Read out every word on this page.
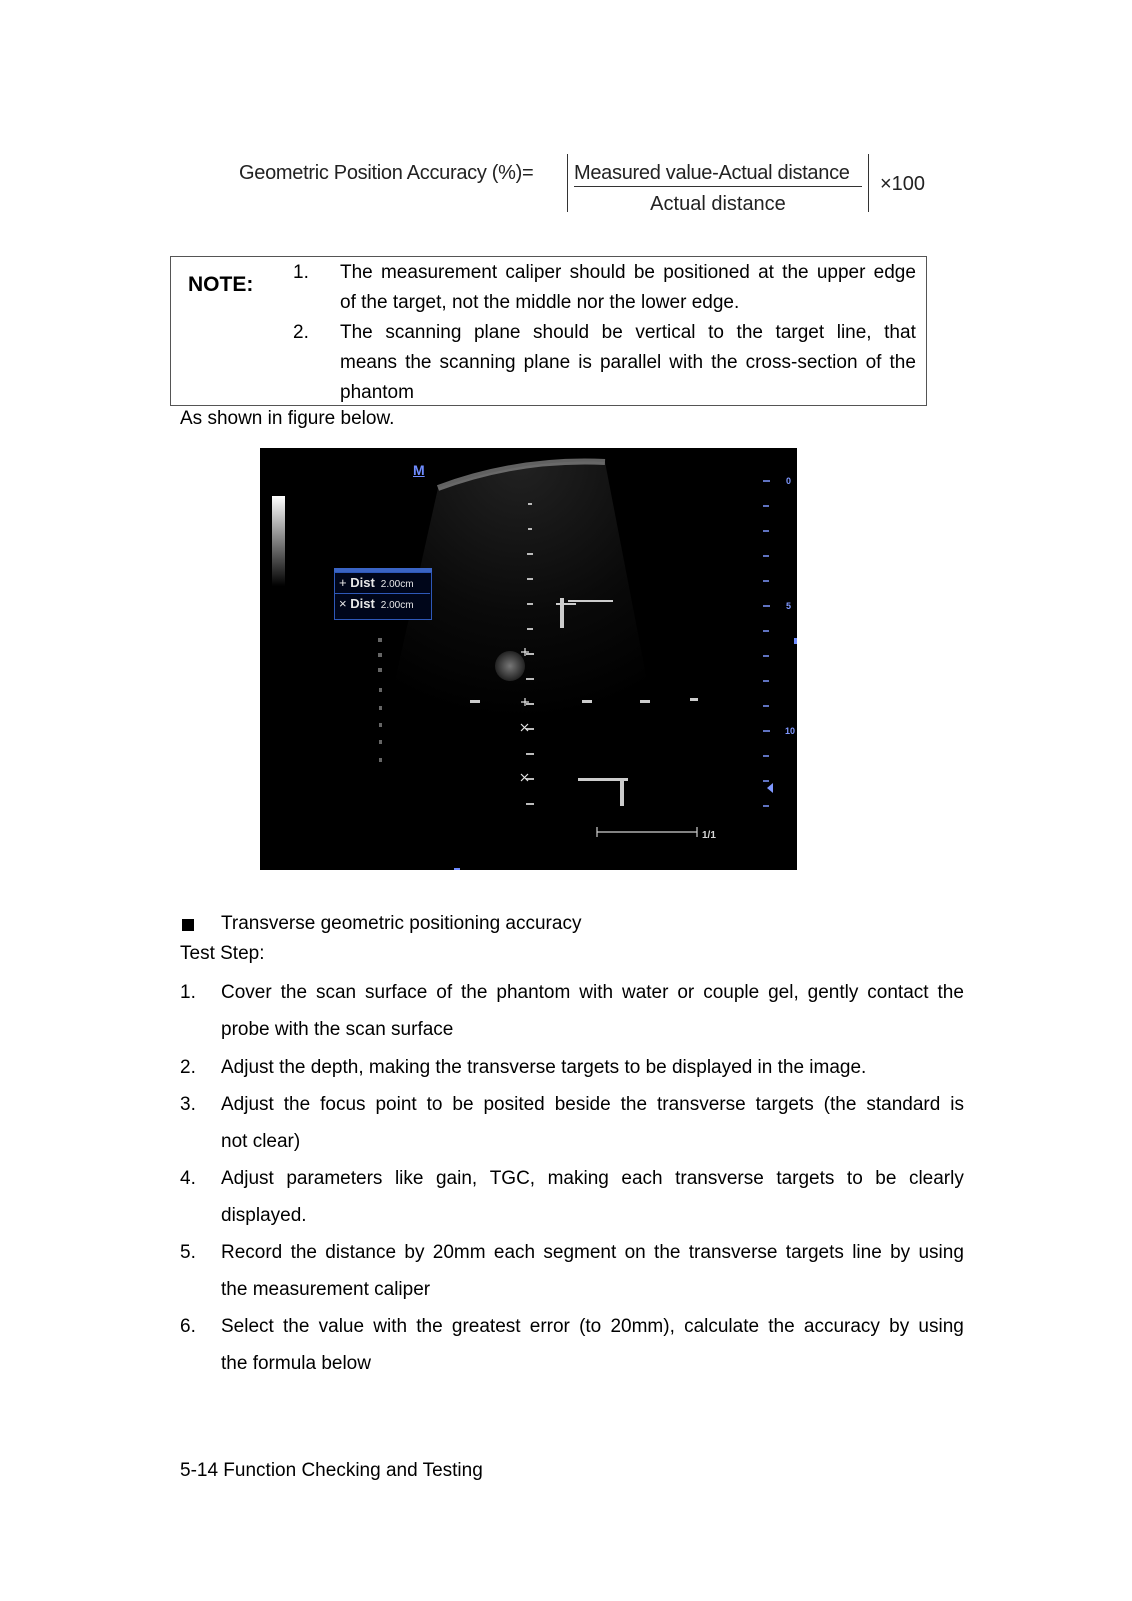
Geometric Position Accuracy (%)= Measured value-Actual distance
Actual distance
×100
NOTE:
1. The measurement caliper should be positioned at the upper edge
of the target, not the middle nor the lower edge.
2. The scanning plane should be vertical to the target line, that
means the scanning plane is parallel with the cross-section of the
phantom
As shown in figure below.
M
0
5
10
+ Dist 2.00cm
× Dist 2.00cm
1/1
Transverse geometric positioning accuracy
Test Step:
1. Cover the scan surface of the phantom with water or couple gel, gently contact the
probe with the scan surface
2. Adjust the depth, making the transverse targets to be displayed in the image.
3. Adjust the focus point to be posited beside the transverse targets (the standard is
not clear)
4. Adjust parameters like gain, TGC, making each transverse targets to be clearly
displayed.
5. Record the distance by 20mm each segment on the transverse targets line by using
the measurement caliper
6. Select the value with the greatest error (to 20mm), calculate the accuracy by using
the formula below
5-14 Function Checking and Testing
